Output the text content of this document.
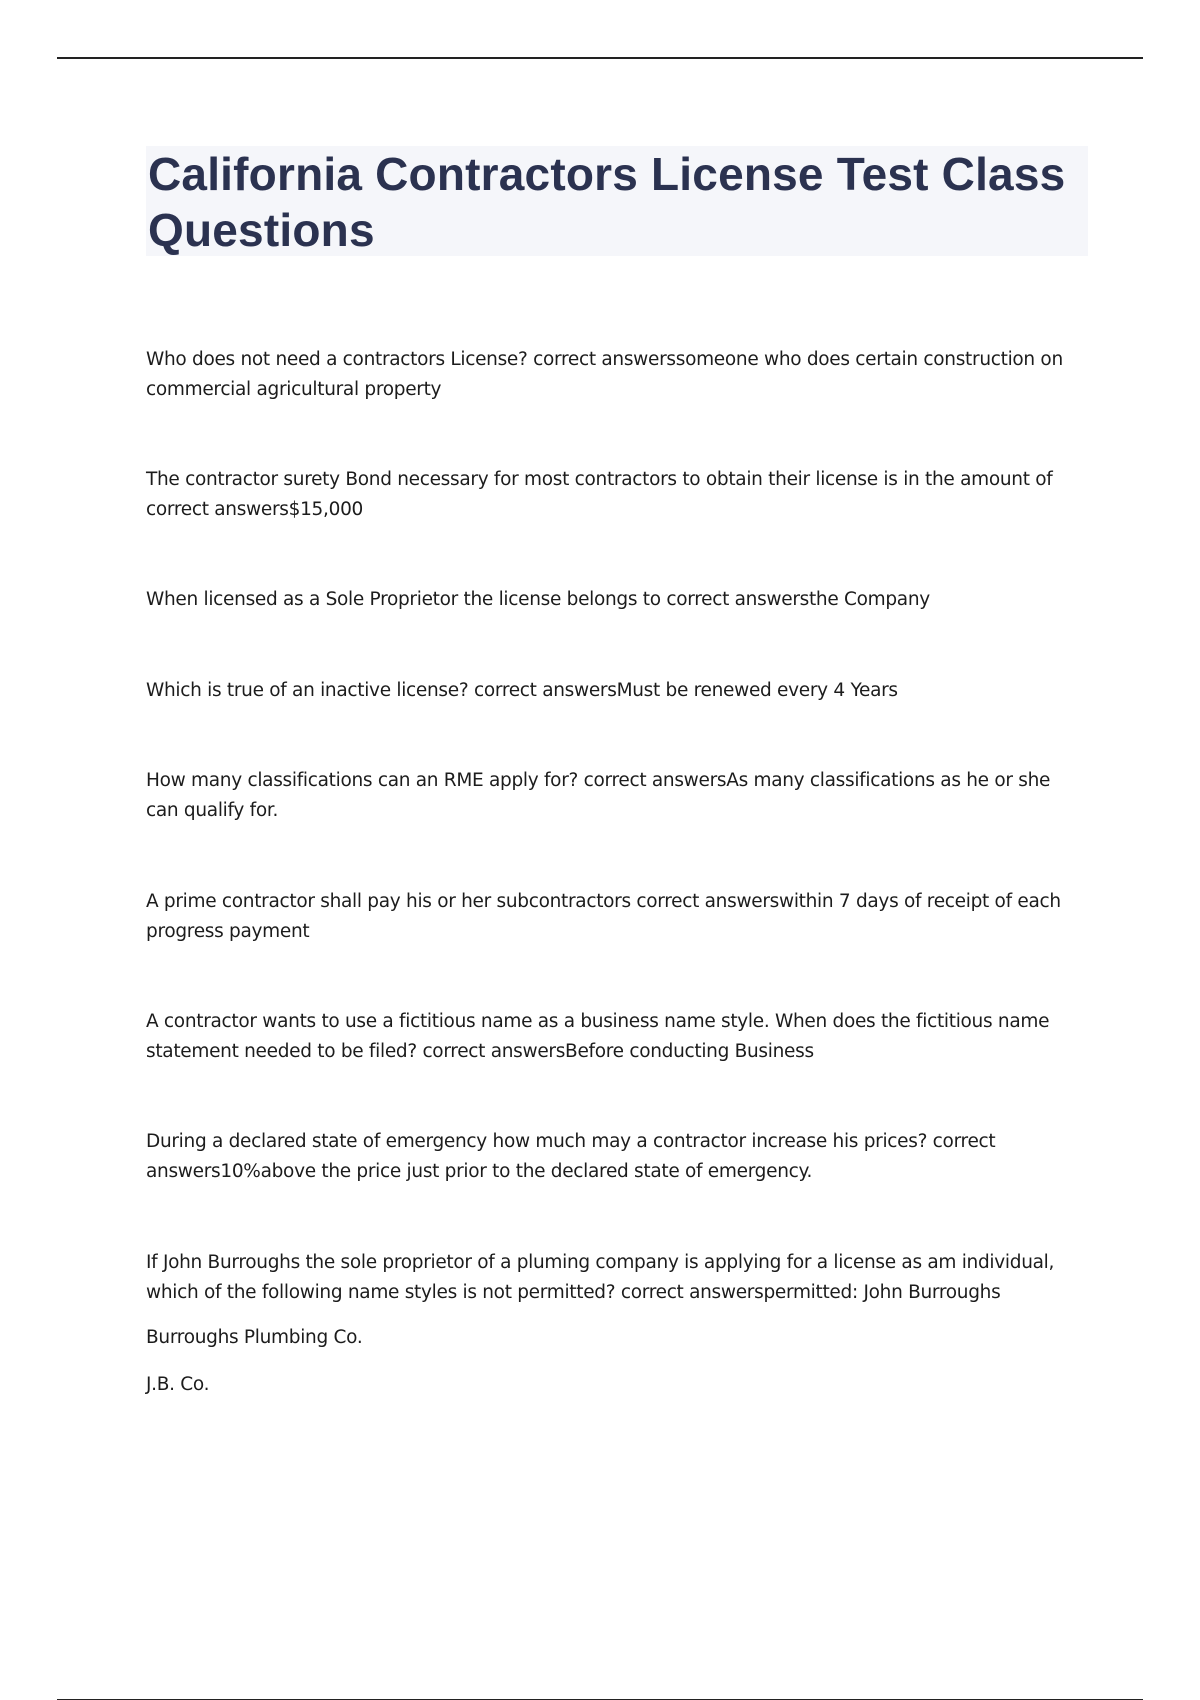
California Contractors License Test Class Questions

Who does not need a contractors License? correct answerssomeone who does certain construction on commercial agricultural property

The contractor surety Bond necessary for most contractors to obtain their license is in the amount of correct answers$15,000

When licensed as a Sole Proprietor the license belongs to correct answersthe Company

Which is true of an inactive license? correct answersMust be renewed every 4 Years

How many classifications can an RME apply for? correct answersAs many classifications as he or she can qualify for.

A prime contractor shall pay his or her subcontractors correct answerswithin 7 days of receipt of each progress payment

A contractor wants to use a fictitious name as a business name style. When does the fictitious name statement needed to be filed? correct answersBefore conducting Business

During a declared state of emergency how much may a contractor increase his prices? correct answers10%above the price just prior to the declared state of emergency.

If John Burroughs the sole proprietor of a pluming company is applying for a license as am individual, which of the following name styles is not permitted? correct answerspermitted: John Burroughs

Burroughs Plumbing Co.

J.B. Co.
